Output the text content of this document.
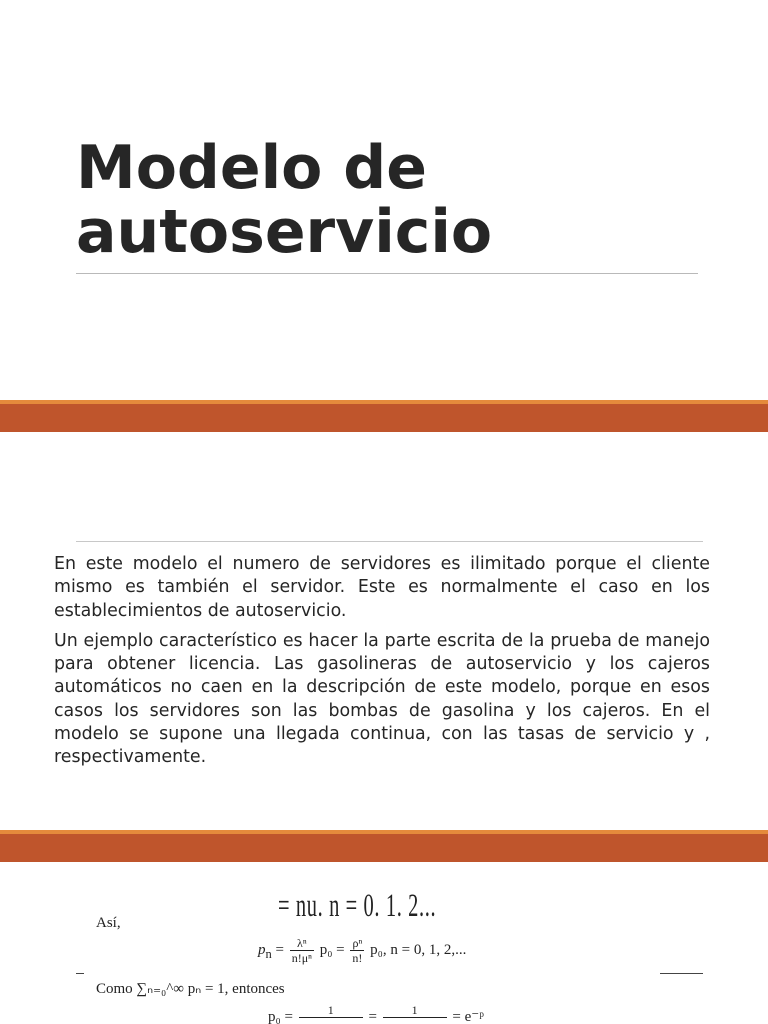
Modelo de
autoservicio

En este modelo el numero de servidores es ilimitado porque el cliente mismo es también el servidor. Este es normalmente el caso en los establecimientos de autoservicio.

Un ejemplo característico es hacer la parte escrita de la prueba de manejo para obtener licencia. Las gasolineras de autoservicio y los cajeros automáticos no caen en la descripción de este modelo, porque en esos casos los servidores son las bombas de gasolina y los cajeros. En el modelo se supone una llegada continua, con las tasas de servicio y , respectivamente.

= nu. n = 0. 1. 2...
Así,
$p_n = \frac{\text{λⁿ}}{\text{n!μⁿ}} p_0 = \frac{\text{ρⁿ}}{n!} p_0$, n = 0, 1, 2,...
Como ∑ₙ₌₀^∞ pₙ = 1, entonces
p₀ =	1
	=	1
	= e⁻ᵖ
